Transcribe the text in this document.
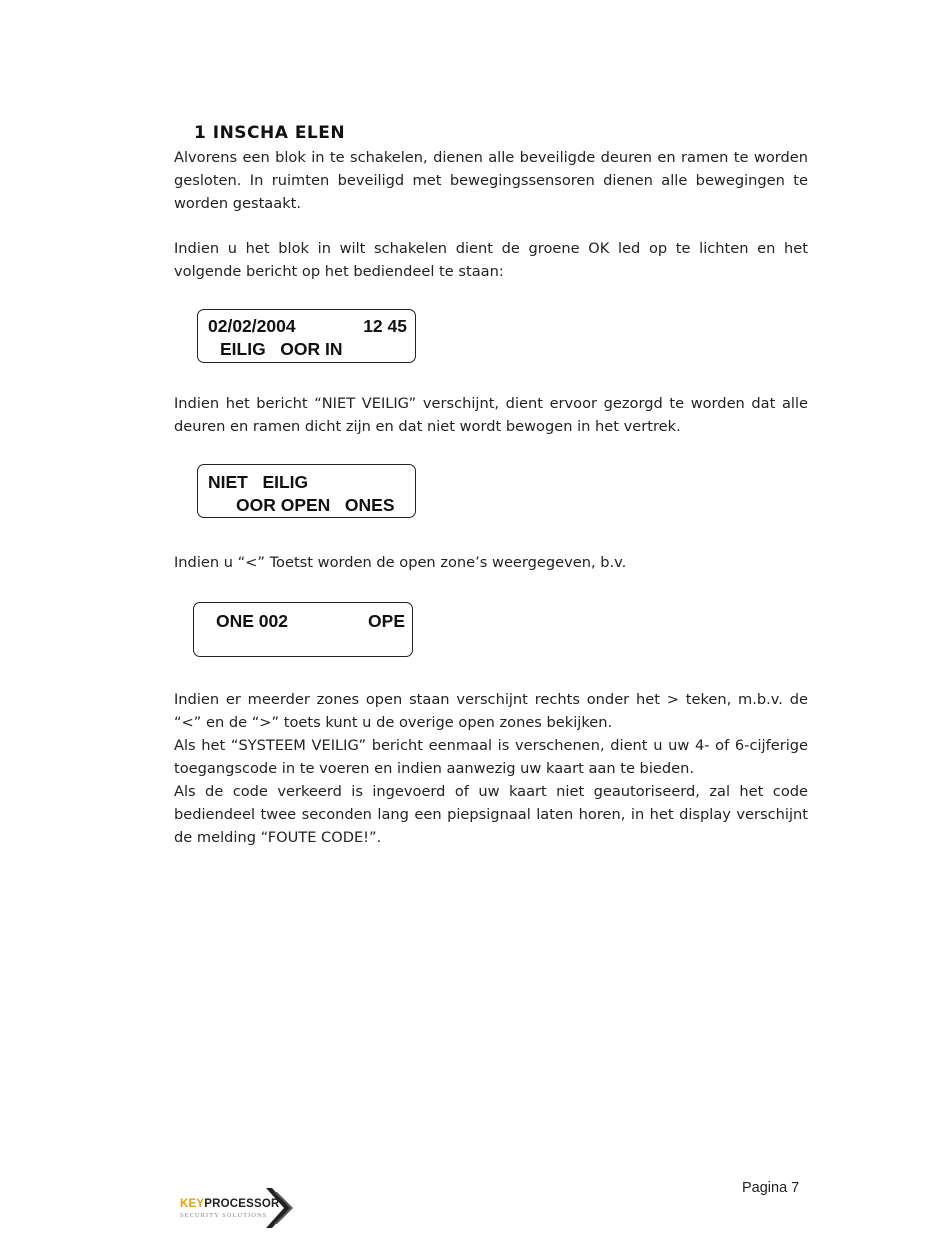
1 INSCHA ELEN
Alvorens een blok in te schakelen, dienen alle beveiligde deuren en ramen te worden gesloten. In ruimten beveiligd met bewegingssensoren dienen alle bewegingen te worden gestaakt.
Indien u het blok in wilt schakelen dient de groene OK led op te lichten en het volgende bericht op het bediendeel te staan:
02/02/2004	12 45
EILIG   OOR IN
Indien het bericht “NIET VEILIG” verschijnt, dient ervoor gezorgd te worden dat alle deuren en ramen dicht zijn en dat niet wordt bewogen in het vertrek.
NIET   EILIG
OOR OPEN   ONES
Indien u “<” Toetst worden de open zone’s weergegeven, b.v.
ONE 002	OPE
Indien er meerder zones open staan verschijnt rechts onder het > teken, m.b.v. de “<” en de “>” toets kunt u de overige open zones bekijken.
Als het “SYSTEEM VEILIG” bericht eenmaal is verschenen, dient u uw 4- of 6-cijferige toegangscode in te voeren en indien aanwezig uw kaart aan te bieden.
Als de code verkeerd is ingevoerd of uw kaart niet geautoriseerd, zal het code bediendeel twee seconden lang een piepsignaal laten horen, in het display verschijnt de melding “FOUTE CODE!”.
Pagina 7
KEYPROCESSOR
SECURITY SOLUTIONS
